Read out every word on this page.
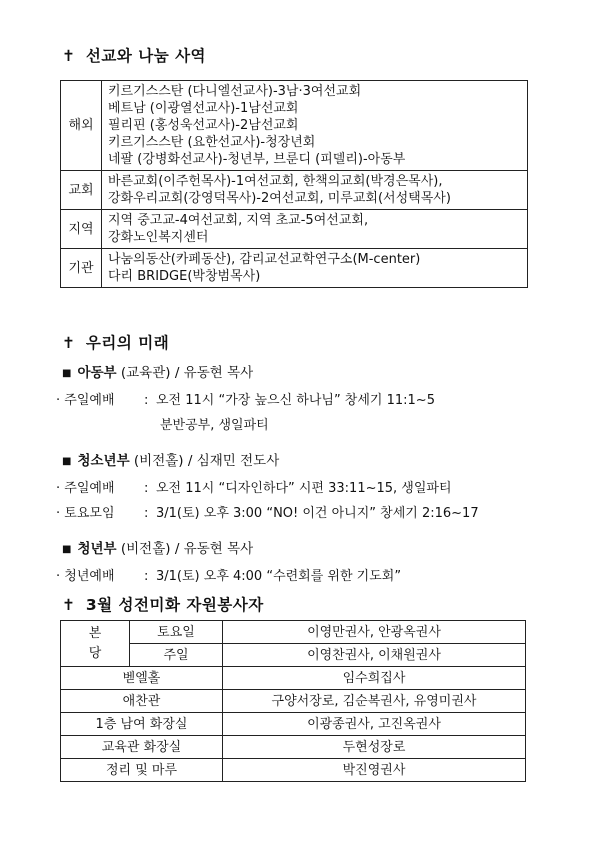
✝ 선교와 나눔 사역
해외	키르기스스탄 (다니엘선교사)-3남·3여선교회
베트남 (이광열선교사)-1남선교회
필리핀 (홍성욱선교사)-2남선교회
키르기스스탄 (요한선교사)-청장년회
네팔 (강병화선교사)-청년부, 브룬디 (피델리)-아동부

교회	바른교회(이주헌목사)-1여선교회, 한책의교회(박경은목사),
강화우리교회(강영덕목사)-2여선교회, 미루교회(서성택목사)

지역	지역 중고교-4여선교회, 지역 초교-5여선교회,
강화노인복지센터

기관	나눔의동산(카페동산), 감리교선교학연구소(M-center)
다리 BRIDGE(박창범목사)
✝ 우리의 미래
■ 아동부 (교육관) / 유동현 목사
· 주일예배 : 오전 11시 “가장 높으신 하나님” 창세기 11:1~5
분반공부, 생일파티
■ 청소년부 (비전홀) / 심재민 전도사
· 주일예배 : 오전 11시 “디자인하다” 시편 33:11~15, 생일파티
· 토요모임 : 3/1(토) 오후 3:00 “NO! 이건 아니지” 창세기 2:16~17
■ 청년부 (비전홀) / 유동현 목사
· 청년예배 : 3/1(토) 오후 4:00 “수련회를 위한 기도회”
✝ 3월 성전미화 자원봉사자
본
당	토요일	이영만권사, 안광옥권사
	주일	이영찬권사, 이채원권사
벧엘홀		임수희집사
애찬관		구양서장로, 김순복권사, 유영미권사
1층 남여 화장실		이광종권사, 고진옥권사
교육관 화장실		두현성장로
정리 및 마루		박진영권사
